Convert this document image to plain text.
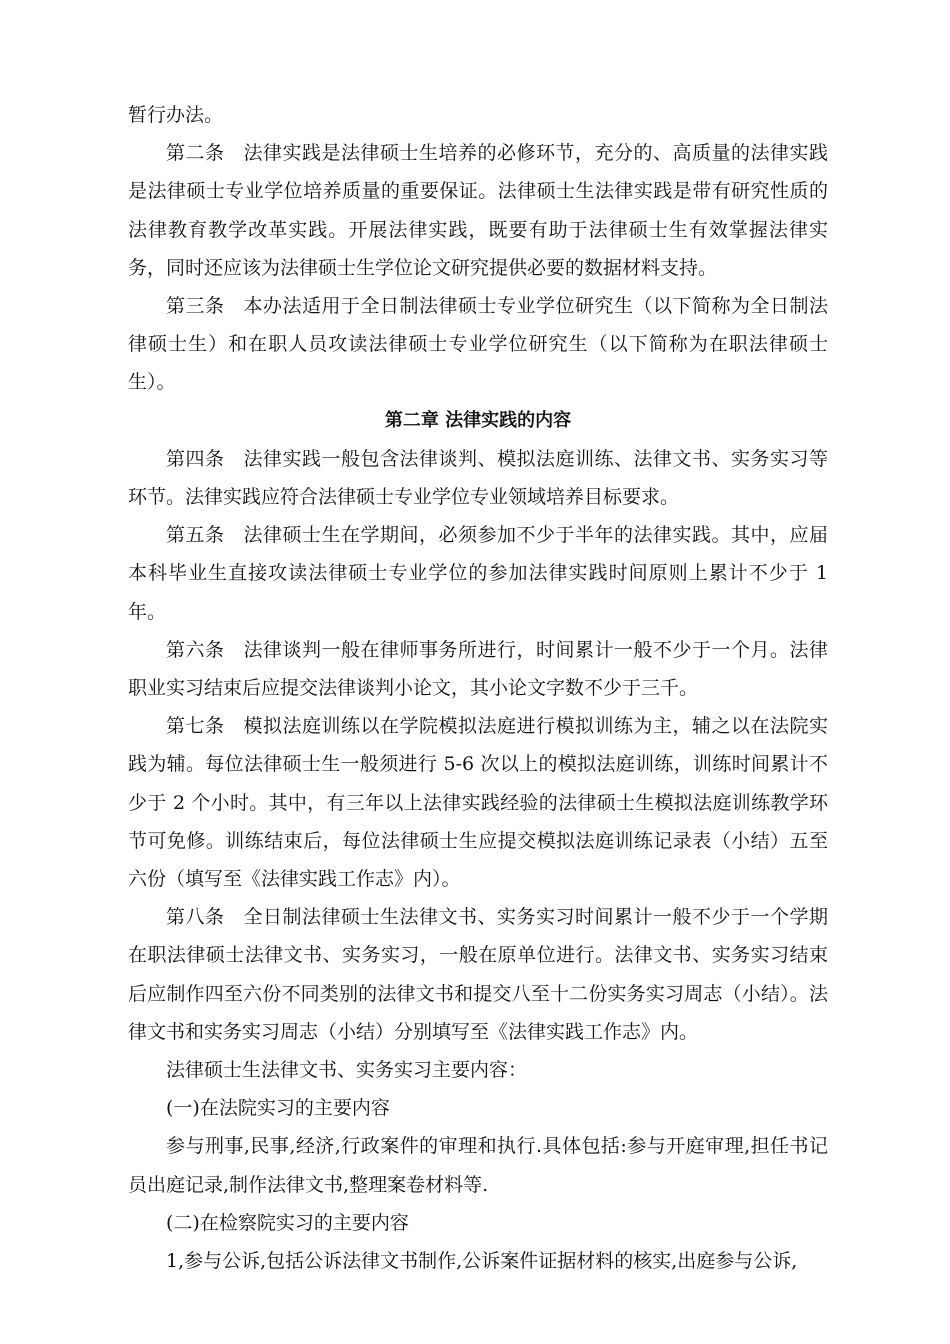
暂行办法。

第二条 法律实践是法律硕士生培养的必修环节，充分的、高质量的法律实践是法律硕士专业学位培养质量的重要保证。法律硕士生法律实践是带有研究性质的法律教育教学改革实践。开展法律实践，既要有助于法律硕士生有效掌握法律实务，同时还应该为法律硕士生学位论文研究提供必要的数据材料支持。

第三条 本办法适用于全日制法律硕士专业学位研究生（以下简称为全日制法律硕士生）和在职人员攻读法律硕士专业学位研究生（以下简称为在职法律硕士生）。

第二章 法律实践的内容

第四条 法律实践一般包含法律谈判、模拟法庭训练、法律文书、实务实习等环节。法律实践应符合法律硕士专业学位专业领域培养目标要求。

第五条 法律硕士生在学期间，必须参加不少于半年的法律实践。其中，应届本科毕业生直接攻读法律硕士专业学位的参加法律实践时间原则上累计不少于 1 年。

第六条 法律谈判一般在律师事务所进行，时间累计一般不少于一个月。法律职业实习结束后应提交法律谈判小论文，其小论文字数不少于三千。

第七条 模拟法庭训练以在学院模拟法庭进行模拟训练为主，辅之以在法院实践为辅。每位法律硕士生一般须进行 5-6 次以上的模拟法庭训练，训练时间累计不少于 2 个小时。其中，有三年以上法律实践经验的法律硕士生模拟法庭训练教学环节可免修。训练结束后，每位法律硕士生应提交模拟法庭训练记录表（小结）五至六份（填写至《法律实践工作志》内）。

第八条 全日制法律硕士生法律文书、实务实习时间累计一般不少于一个学期在职法律硕士法律文书、实务实习，一般在原单位进行。法律文书、实务实习结束后应制作四至六份不同类别的法律文书和提交八至十二份实务实习周志（小结）。法律文书和实务实习周志（小结）分别填写至《法律实践工作志》内。

法律硕士生法律文书、实务实习主要内容：

(一)在法院实习的主要内容

参与刑事,民事,经济,行政案件的审理和执行.具体包括:参与开庭审理,担任书记员出庭记录,制作法律文书,整理案卷材料等.

(二)在检察院实习的主要内容

1,参与公诉,包括公诉法律文书制作,公诉案件证据材料的核实,出庭参与公诉,
